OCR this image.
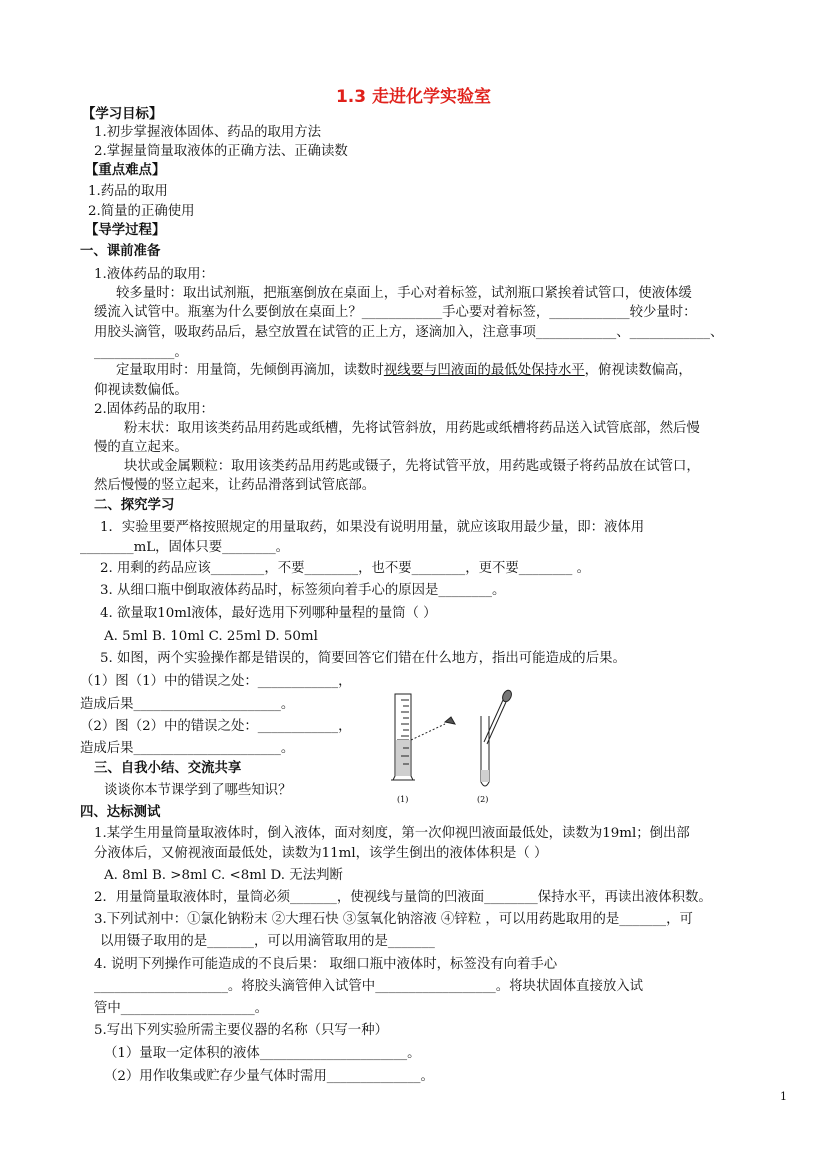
1.3 走进化学实验室
【学习目标】
1.初步掌握液体固体、药品的取用方法
2.掌握量筒量取液体的正确方法、正确读数
【重点难点】
1.药品的取用
2.简量的正确使用
【导学过程】
一、课前准备
1.液体药品的取用：
较多量时：取出试剂瓶，把瓶塞倒放在桌面上，手心对着标签，试剂瓶口紧挨着试管口，使液体缓
缓流入试管中。瓶塞为什么要倒放在桌面上？____________手心要对着标签，____________较少量时：
用胶头滴管，吸取药品后，悬空放置在试管的正上方，逐滴加入，注意事项____________、____________、
____________。
定量取用时：用量筒，先倾倒再滴加，读数时视线要与凹液面的最低处保持水平，俯视读数偏高，
仰视读数偏低。
2.固体药品的取用：
粉末状：取用该类药品用药匙或纸槽，先将试管斜放，用药匙或纸槽将药品送入试管底部，然后慢
慢的直立起来。
块状或金属颗粒：取用该类药品用药匙或镊子，先将试管平放，用药匙或镊子将药品放在试管口，
然后慢慢的竖立起来，让药品滑落到试管底部。
二、探究学习
1．实验里要严格按照规定的用量取药，如果没有说明用量，就应该取用最少量，即：液体用
________mL，固体只要________。
2. 用剩的药品应该________，不要________，也不要________，更不要________ 。
3. 从细口瓶中倒取液体药品时，标签须向着手心的原因是________。
4. 欲量取10ml液体，最好选用下列哪种量程的量筒（ ）
A. 5ml B. 10ml C. 25ml D. 50ml
5. 如图，两个实验操作都是错误的，简要回答它们错在什么地方，指出可能造成的后果。
（1）图（1）中的错误之处：____________，
造成后果______________________。
（2）图（2）中的错误之处：____________，
造成后果______________________。
三、自我小结、交流共享
谈谈你本节课学到了哪些知识？
四、达标测试
1.某学生用量筒量取液体时，倒入液体，面对刻度，第一次仰视凹液面最低处，读数为19ml；倒出部
分液体后，又俯视液面最低处，读数为11ml，该学生倒出的液体体积是（ ）
A. 8ml B. >8ml C. <8ml D. 无法判断
2．用量筒量取液体时，量筒必须_______，使视线与量筒的凹液面________保持水平，再读出液体积数。
3.下列试剂中：①氯化钠粉末 ②大理石快 ③氢氧化钠溶液 ④锌粒 ，可以用药匙取用的是_______，可
以用镊子取用的是_______，可以用滴管取用的是_______
4. 说明下列操作可能造成的不良后果： 取细口瓶中液体时，标签没有向着手心
____________________。将胶头滴管伸入试管中__________________。将块状固体直接放入试
管中____________________。
5.写出下列实验所需主要仪器的名称（只写一种）
（1）量取一定体积的液体______________________。
（2）用作收集或贮存少量气体时需用______________。
(1)	(2)
1
